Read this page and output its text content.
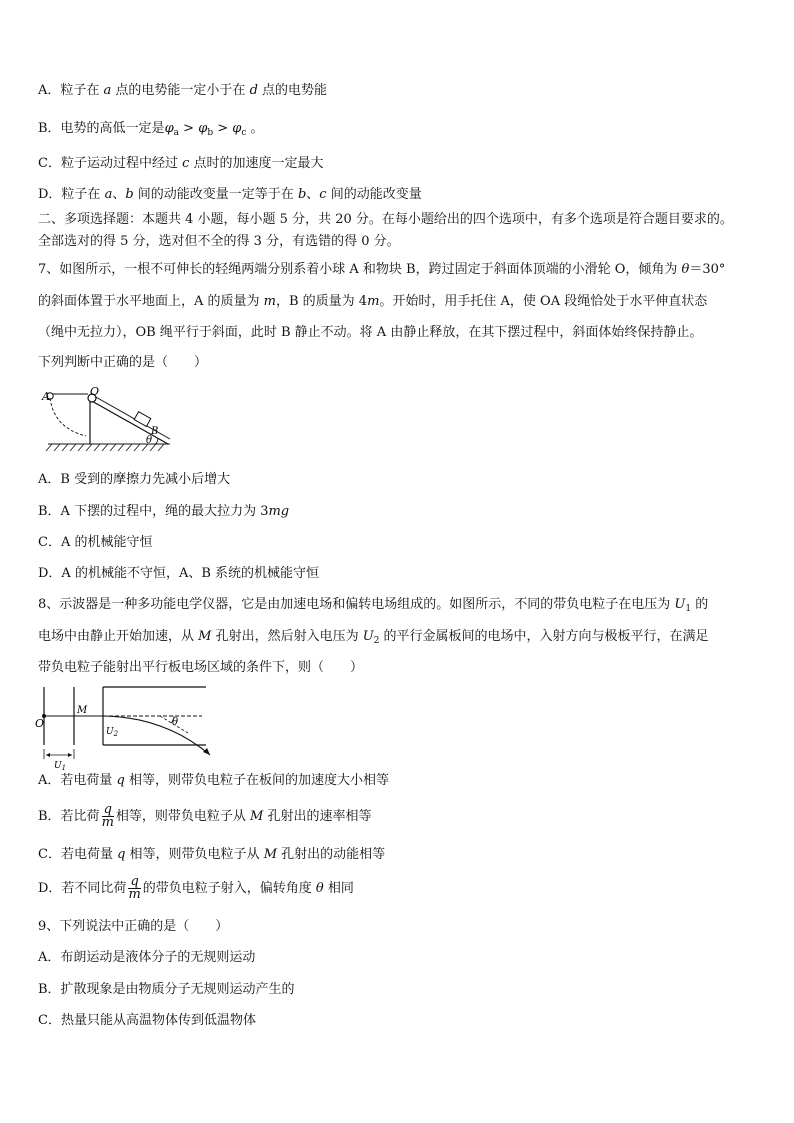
A．粒子在 a 点的电势能一定小于在 d 点的电势能
B．电势的高低一定是$\varphi_a > \varphi_b > \varphi_c$ 。
C．粒子运动过程中经过 c 点时的加速度一定最大
D．粒子在 a、b 间的动能改变量一定等于在 b、c 间的动能改变量
二、多项选择题：本题共 4 小题，每小题 5 分，共 20 分。在每小题给出的四个选项中，有多个选项是符合题目要求的。
全部选对的得 5 分，选对但不全的得 3 分，有选错的得 0 分。
7、如图所示，一根不可伸长的轻绳两端分别系着小球 A 和物块 B，跨过固定于斜面体顶端的小滑轮 O，倾角为 θ＝30°
的斜面体置于水平地面上，A 的质量为 m，B 的质量为 4m。开始时，用手托住 A，使 OA 段绳恰处于水平伸直状态
（绳中无拉力），OB 绳平行于斜面，此时 B 静止不动。将 A 由静止释放，在其下摆过程中，斜面体始终保持静止。
下列判断中正确的是（　　）
A	O
B
θ
A．B 受到的摩擦力先减小后增大
B．A 下摆的过程中，绳的最大拉力为 3mg
C．A 的机械能守恒
D．A 的机械能不守恒，A、B 系统的机械能守恒
8、示波器是一种多功能电学仪器，它是由加速电场和偏转电场组成的。如图所示，不同的带负电粒子在电压为 $U_1$ 的
电场中由静止开始加速，从 M 孔射出，然后射入电压为 $U_2$ 的平行金属板间的电场中，入射方向与极板平行，在满足
带负电粒子能射出平行板电场区域的条件下，则（　　）
O
M
$U_2$
$U_1$
θ
A．若电荷量 q 相等，则带负电粒子在板间的加速度大小相等
B．若比荷 $\frac{q}{m}$ 相等，则带负电粒子从 M 孔射出的速率相等
C．若电荷量 q 相等，则带负电粒子从 M 孔射出的动能相等
D．若不同比荷 $\frac{q}{m}$ 的带负电粒子射入，偏转角度 θ 相同
9、下列说法中正确的是（　　）
A．布朗运动是液体分子的无规则运动
B．扩散现象是由物质分子无规则运动产生的
C．热量只能从高温物体传到低温物体
